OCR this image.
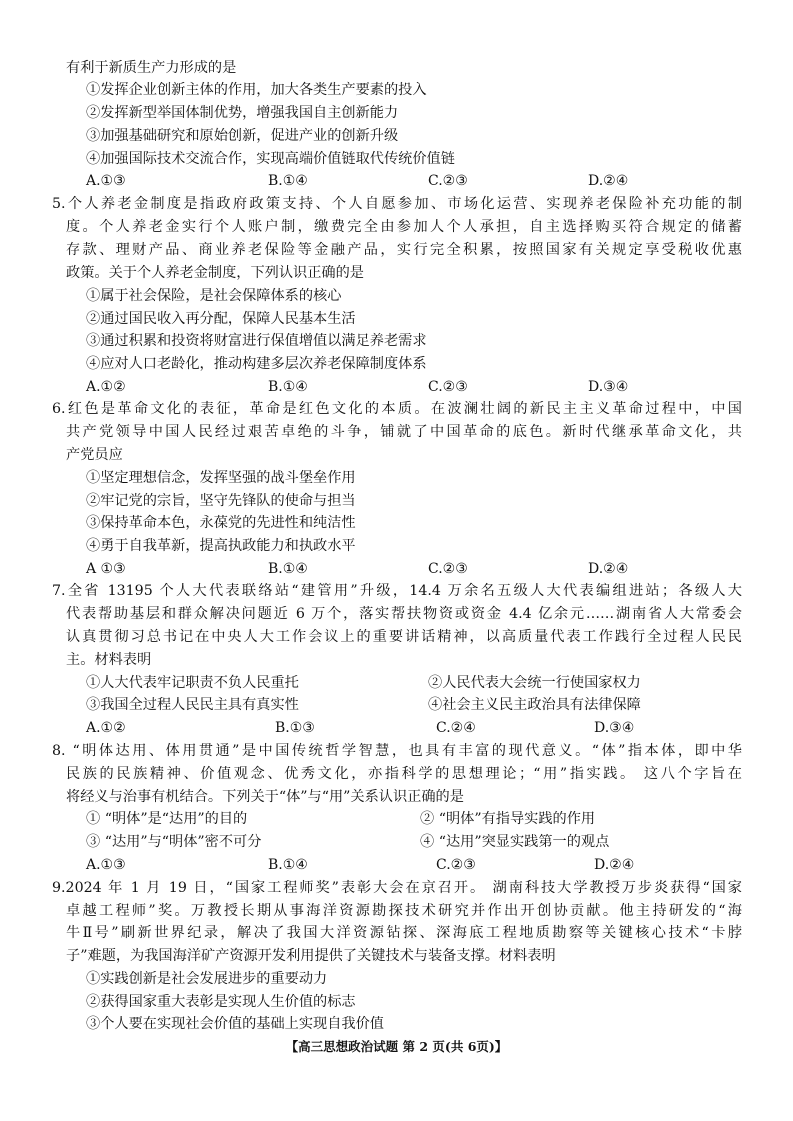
有利于新质生产力形成的是
①发挥企业创新主体的作用，加大各类生产要素的投入
②发挥新型举国体制优势，增强我国自主创新能力
③加强基础研究和原始创新，促进产业的创新升级
④加强国际技术交流合作，实现高端价值链取代传统价值链
A.①③	B.①④	C.②③	D.②④
5.个人养老金制度是指政府政策支持、个人自愿参加、市场化运营、实现养老保险补充功能的制
度。个人养老金实行个人账户制，缴费完全由参加人个人承担，自主选择购买符合规定的储蓄
存款、理财产品、商业养老保险等金融产品，实行完全积累，按照国家有关规定享受税收优惠
政策。关于个人养老金制度，下列认识正确的是
①属于社会保险，是社会保障体系的核心
②通过国民收入再分配，保障人民基本生活
③通过积累和投资将财富进行保值增值以满足养老需求
④应对人口老龄化，推动构建多层次养老保障制度体系
A.①②	B.①④	C.②③	D.③④
6.红色是革命文化的表征，革命是红色文化的本质。在波澜壮阔的新民主主义革命过程中，中国
共产党领导中国人民经过艰苦卓绝的斗争，铺就了中国革命的底色。新时代继承革命文化，共
产党员应
①坚定理想信念，发挥坚强的战斗堡垒作用
②牢记党的宗旨，坚守先锋队的使命与担当
③保持革命本色，永葆党的先进性和纯洁性
④勇于自我革新，提高执政能力和执政水平
A ①③	B.①④	C.②③	D.②④
7.全省 13195 个人大代表联络站“建管用”升级，14.4 万余名五级人大代表编组进站；各级人大
代表帮助基层和群众解决问题近 6 万个，落实帮扶物资或资金 4.4 亿余元……湖南省人大常委会
认真贯彻习总书记在中央人大工作会议上的重要讲话精神，以高质量代表工作践行全过程人民民
主。材料表明
①人大代表牢记职责不负人民重托	②人民代表大会统一行使国家权力
③我国全过程人民民主具有真实性	④社会主义民主政治具有法律保障
A.①②	B.①③	C.②④	D.③④
8. “明体达用、体用贯通”是中国传统哲学智慧，也具有丰富的现代意义。“体”指本体，即中华
民族的民族精神、价值观念、优秀文化，亦指科学的思想理论；“用”指实践。 这八个字旨在
将经义与治事有机结合。下列关于“体”与“用”关系认识正确的是
① “明体”是“达用”的目的	② “明体”有指导实践的作用
③ “达用”与“明体”密不可分	④ “达用”突显实践第一的观点
A.①③	B.①④	C.②③	D.②④
9.2024 年 1 月 19 日，“国家工程师奖”表彰大会在京召开。 湖南科技大学教授万步炎获得“国家
卓越工程师”奖。万教授长期从事海洋资源勘探技术研究并作出开创协贡献。他主持研发的“海
牛Ⅱ号”刷新世界纪录，解决了我国大洋资源钻探、深海底工程地质勘察等关键核心技术“卡脖
子”难题，为我国海洋矿产资源开发利用提供了关键技术与装备支撑。材料表明
①实践创新是社会发展进步的重要动力
②获得国家重大表彰是实现人生价值的标志
③个人要在实现社会价值的基础上实现自我价值
【高三思想政治试题 第 2 页(共 6页)】
